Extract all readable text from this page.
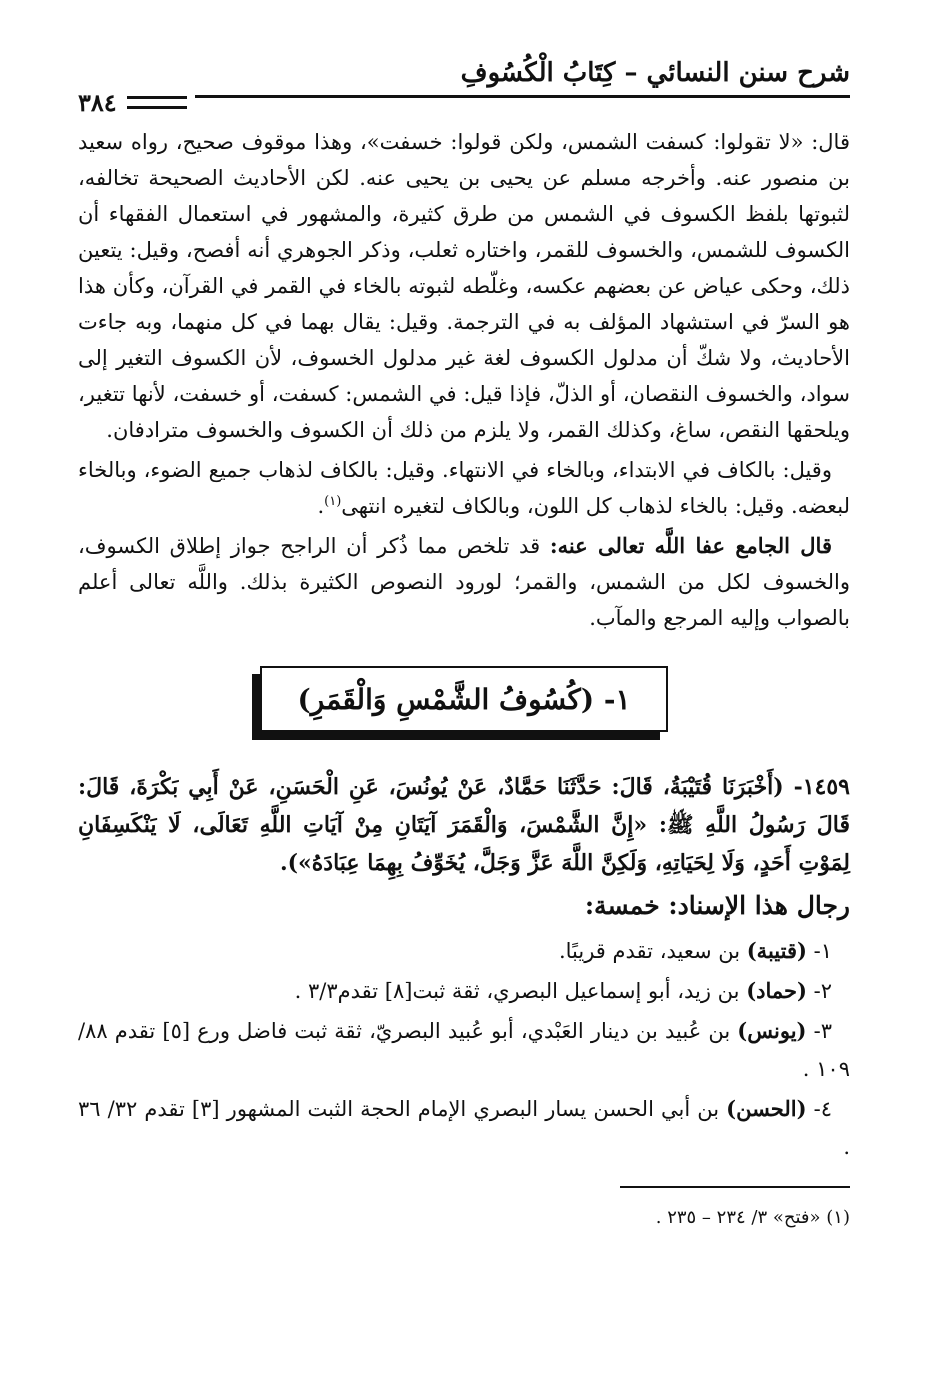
شرح سنن النسائي – كِتَابُ الْكُسُوفِ
٣٨٤

قال: «لا تقولوا: كسفت الشمس، ولكن قولوا: خسفت»، وهذا موقوف صحيح، رواه سعيد بن منصور عنه. وأخرجه مسلم عن يحيى بن يحيى عنه. لكن الأحاديث الصحيحة تخالفه، لثبوتها بلفظ الكسوف في الشمس من طرق كثيرة، والمشهور في استعمال الفقهاء أن الكسوف للشمس، والخسوف للقمر، واختاره ثعلب، وذكر الجوهري أنه أفصح، وقيل: يتعين ذلك، وحكى عياض عن بعضهم عكسه، وغلّطه لثبوته بالخاء في القمر في القرآن، وكأن هذا هو السرّ في استشهاد المؤلف به في الترجمة. وقيل: يقال بهما في كل منهما، وبه جاءت الأحاديث، ولا شكّ أن مدلول الكسوف لغة غير مدلول الخسوف، لأن الكسوف التغير إلى سواد، والخسوف النقصان، أو الذلّ، فإذا قيل: في الشمس: كسفت، أو خسفت، لأنها تتغير، ويلحقها النقص، ساغ، وكذلك القمر، ولا يلزم من ذلك أن الكسوف والخسوف مترادفان.

وقيل: بالكاف في الابتداء، وبالخاء في الانتهاء. وقيل: بالكاف لذهاب جميع الضوء، وبالخاء لبعضه. وقيل: بالخاء لذهاب كل اللون، وبالكاف لتغيره انتهى$^{(١)}$.

قال الجامع عفا اللَّه تعالى عنه: قد تلخص مما ذُكر أن الراجح جواز إطلاق الكسوف، والخسوف لكل من الشمس، والقمر؛ لورود النصوص الكثيرة بذلك. واللَّه تعالى أعلم بالصواب وإليه المرجع والمآب.

١- (كُسُوفُ الشَّمْسِ وَالْقَمَرِ)

١٤٥٩- (أَخْبَرَنَا قُتَيْبَةُ، قَالَ: حَدَّثَنَا حَمَّادٌ، عَنْ يُونُسَ، عَنِ الْحَسَنِ، عَنْ أَبِي بَكْرَةَ، قَالَ: قَالَ رَسُولُ اللَّهِ ﷺ: «إِنَّ الشَّمْسَ، وَالْقَمَرَ آيَتَانِ مِنْ آيَاتِ اللَّهِ تَعَالَى، لَا يَنْكَسِفَانِ لِمَوْتِ أَحَدٍ، وَلَا لِحَيَاتِهِ، وَلَكِنَّ اللَّهَ عَزَّ وَجَلَّ، يُخَوِّفُ بِهِمَا عِبَادَهُ»).

رجال هذا الإسناد: خمسة:

١- (قتيبة) بن سعيد، تقدم قريبًا.

٢- (حماد) بن زيد، أبو إسماعيل البصري، ثقة ثبت[٨] تقدم٣/٣ .

٣- (يونس) بن عُبيد بن دينار العَبْدي، أبو عُبيد البصريّ، ثقة ثبت فاضل ورع [٥] تقدم ٨٨/ ١٠٩ .

٤- (الحسن) بن أبي الحسن يسار البصري الإمام الحجة الثبت المشهور [٣] تقدم ٣٢/ ٣٦ .

(١) «فتح» ٣/ ٢٣٤ – ٢٣٥ .
